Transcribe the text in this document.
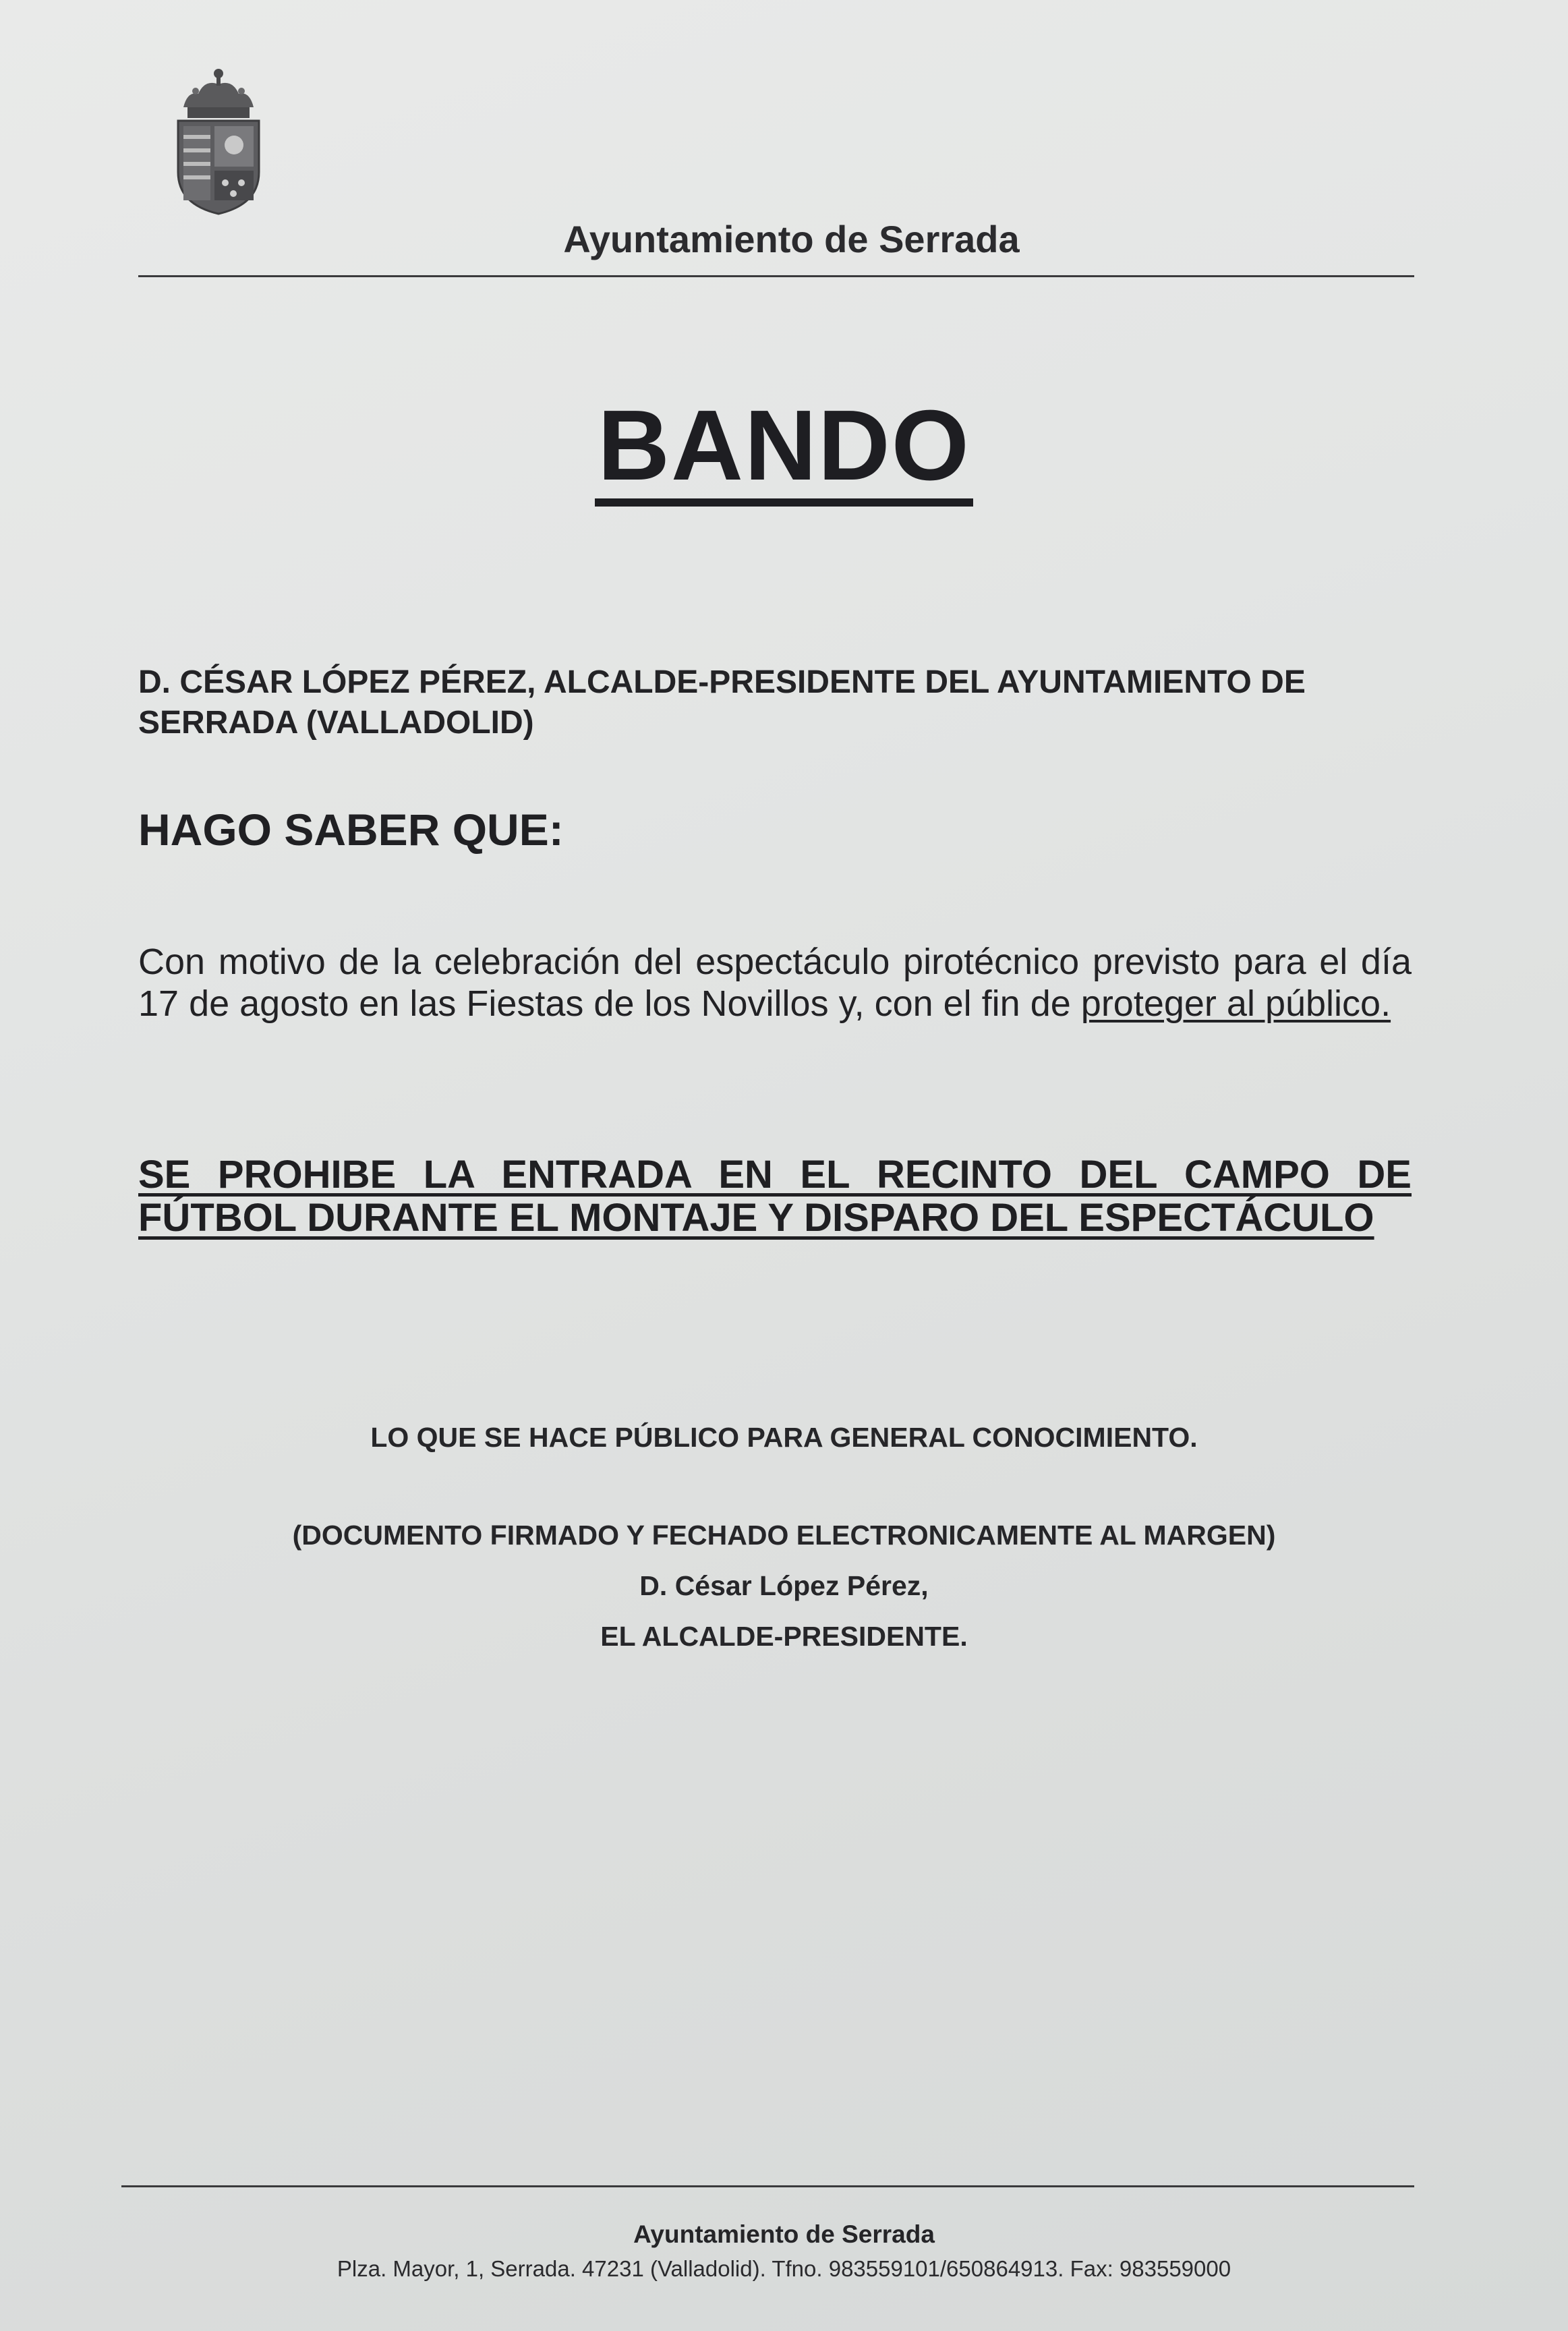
Ayuntamiento de Serrada
BANDO
D. CÉSAR LÓPEZ PÉREZ, ALCALDE-PRESIDENTE DEL AYUNTAMIENTO DE
SERRADA (VALLADOLID)
HAGO SABER QUE:
Con motivo de la celebración del espectáculo pirotécnico previsto para el día 17 de agosto en las Fiestas de los Novillos y, con el fin de proteger al público.
SE PROHIBE LA ENTRADA EN EL RECINTO DEL CAMPO DE FÚTBOL DURANTE EL MONTAJE Y DISPARO DEL ESPECTÁCULO
LO QUE SE HACE PÚBLICO PARA GENERAL CONOCIMIENTO.
(DOCUMENTO FIRMADO Y FECHADO ELECTRONICAMENTE AL MARGEN)
D. César López Pérez,
EL ALCALDE-PRESIDENTE.
Ayuntamiento de Serrada
Plza. Mayor, 1, Serrada. 47231 (Valladolid). Tfno. 983559101/650864913. Fax: 983559000
